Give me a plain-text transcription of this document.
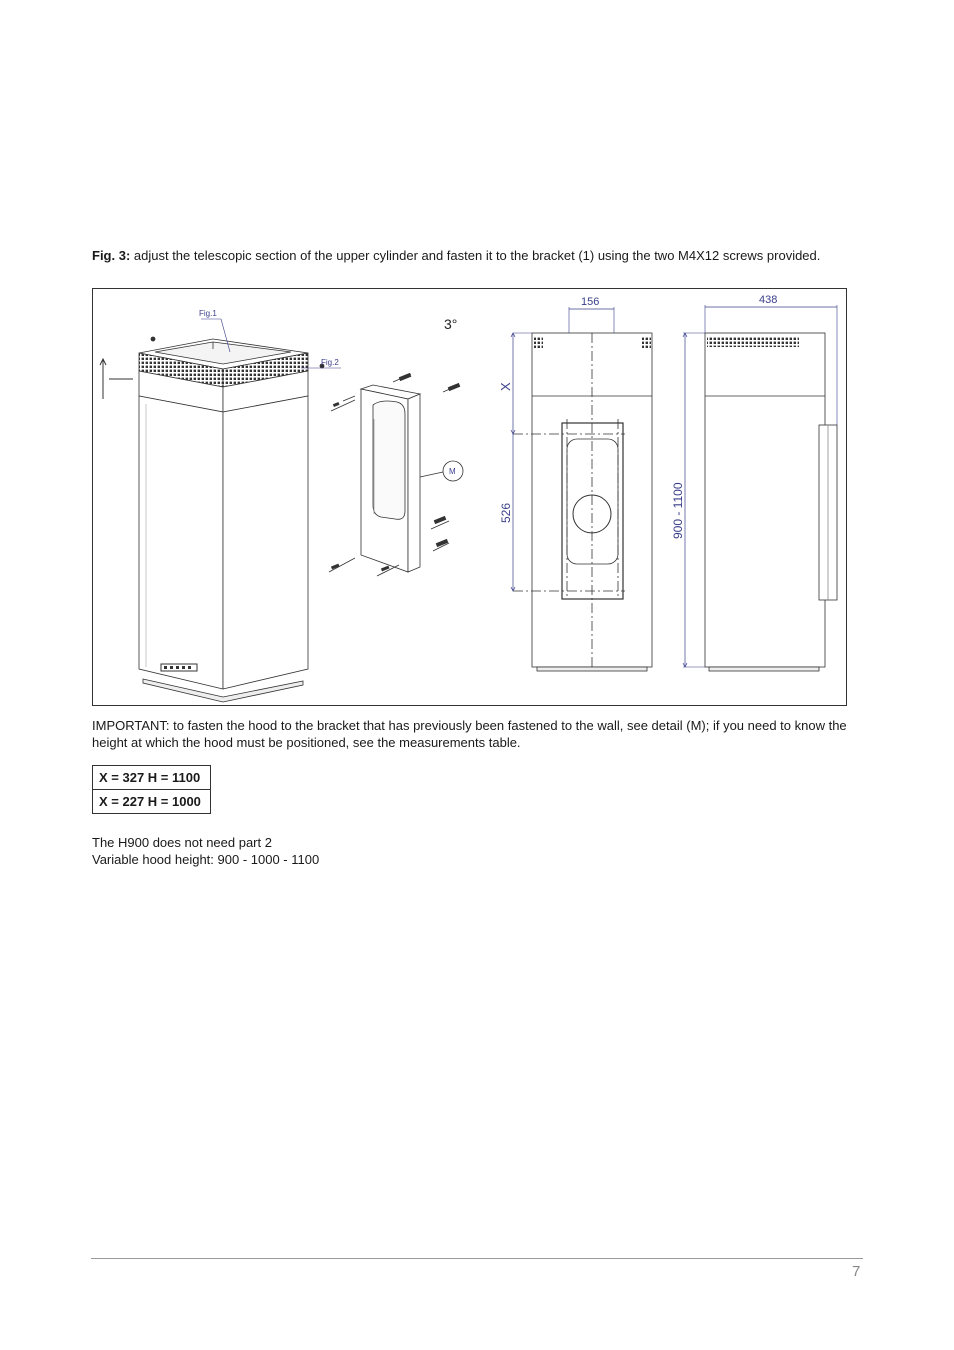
Fig. 3: adjust the telescopic section of the upper cylinder and fasten it to the bracket (1) using the two M4X12 screws provided.
Fig.1
Fig.2
M
3°
156
X
526
438
900 - 1100
IMPORTANT: to fasten the hood to the bracket that has previously been fastened to the wall, see detail (M); if you need to know the height at which the hood must be positioned, see the measurements table.
X = 327 H = 1100
X = 227 H = 1000
The H900 does not need part 2
Variable hood height: 900 - 1000 - 1100
7
